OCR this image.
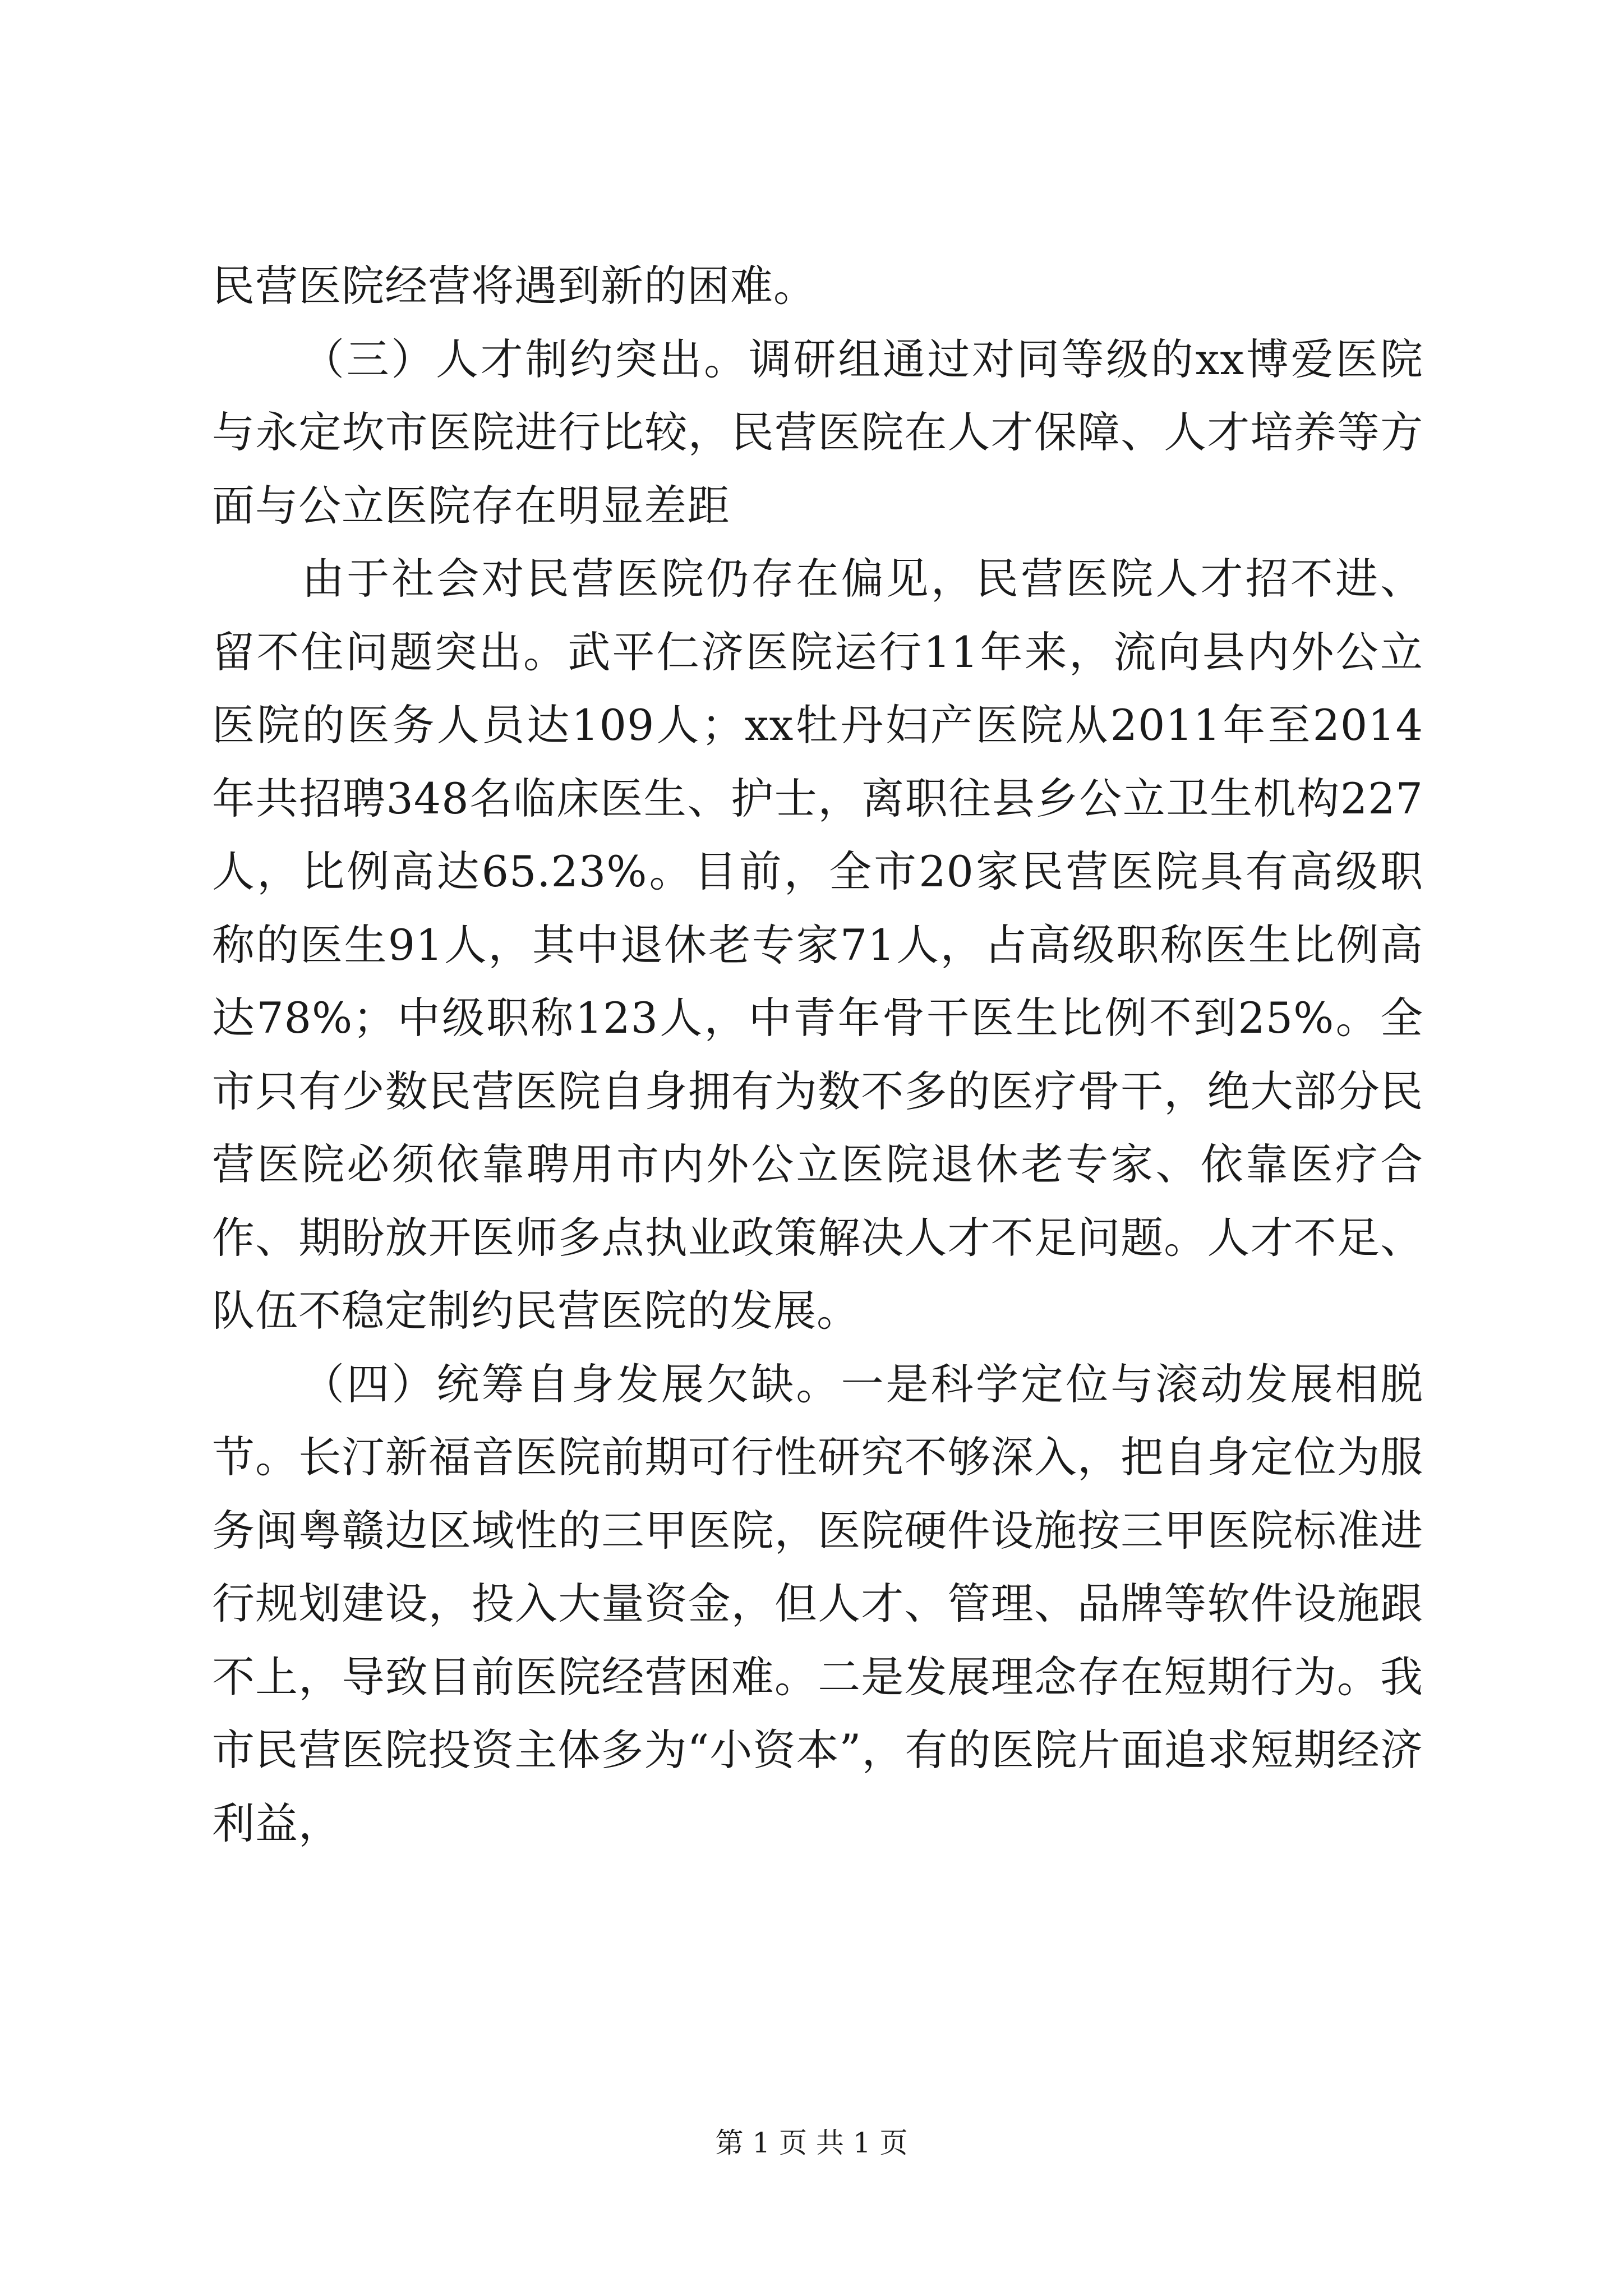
民营医院经营将遇到新的困难。

（三）人才制约突出。调研组通过对同等级的xx博爱医院与永定坎市医院进行比较，民营医院在人才保障、人才培养等方面与公立医院存在明显差距

由于社会对民营医院仍存在偏见，民营医院人才招不进、留不住问题突出。武平仁济医院运行11年来，流向县内外公立医院的医务人员达109人；xx牡丹妇产医院从2011年至2014年共招聘348名临床医生、护士，离职往县乡公立卫生机构227人，比例高达65.23%。目前，全市20家民营医院具有高级职称的医生91人，其中退休老专家71人，占高级职称医生比例高达78%；中级职称123人，中青年骨干医生比例不到25%。全市只有少数民营医院自身拥有为数不多的医疗骨干，绝大部分民营医院必须依靠聘用市内外公立医院退休老专家、依靠医疗合作、期盼放开医师多点执业政策解决人才不足问题。人才不足、队伍不稳定制约民营医院的发展。

（四）统筹自身发展欠缺。一是科学定位与滚动发展相脱节。长汀新福音医院前期可行性研究不够深入，把自身定位为服务闽粤赣边区域性的三甲医院，医院硬件设施按三甲医院标准进行规划建设，投入大量资金，但人才、管理、品牌等软件设施跟不上，导致目前医院经营困难。二是发展理念存在短期行为。我市民营医院投资主体多为“小资本”，有的医院片面追求短期经济利益，

第 1 页 共 1 页
